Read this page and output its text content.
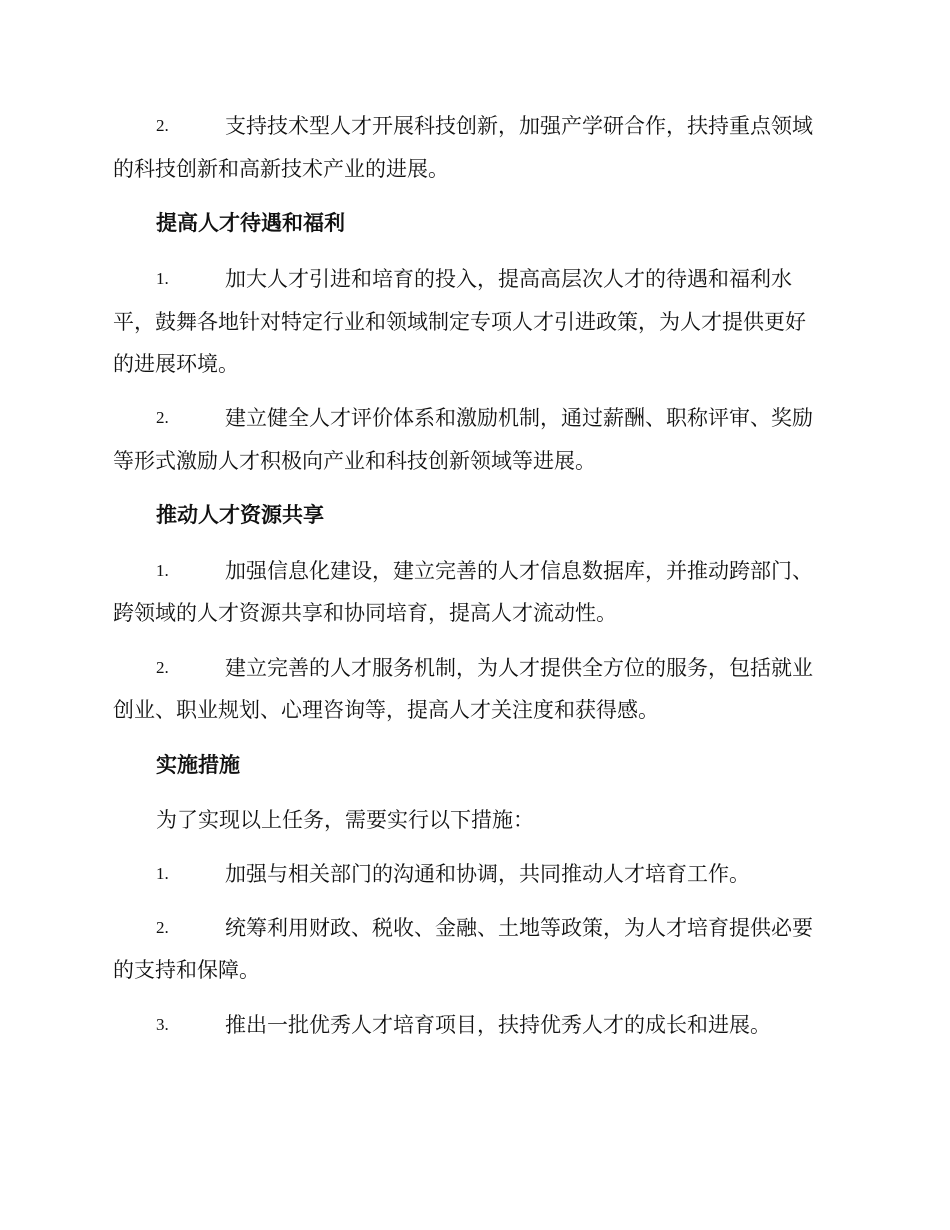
2.	支持技术型人才开展科技创新，加强产学研合作，扶持重点领域
的科技创新和高新技术产业的进展。
提高人才待遇和福利
1.	加大人才引进和培育的投入，提高高层次人才的待遇和福利水
平，鼓舞各地针对特定行业和领域制定专项人才引进政策，为人才提供更好
的进展环境。
2.	建立健全人才评价体系和激励机制，通过薪酬、职称评审、奖励
等形式激励人才积极向产业和科技创新领域等进展。
推动人才资源共享
1.	加强信息化建设，建立完善的人才信息数据库，并推动跨部门、
跨领域的人才资源共享和协同培育，提高人才流动性。
2.	建立完善的人才服务机制，为人才提供全方位的服务，包括就业
创业、职业规划、心理咨询等，提高人才关注度和获得感。
实施措施
为了实现以上任务，需要实行以下措施：
1.	加强与相关部门的沟通和协调，共同推动人才培育工作。
2.	统筹利用财政、税收、金融、土地等政策，为人才培育提供必要
的支持和保障。
3.	推出一批优秀人才培育项目，扶持优秀人才的成长和进展。
